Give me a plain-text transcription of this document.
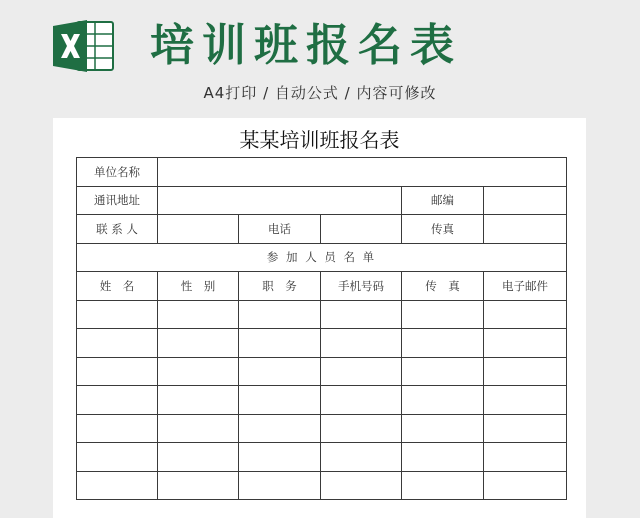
培训班报名表
A4打印 / 自动公式 / 内容可修改
某某培训班报名表
单位名称					
通讯地址				邮编	
联 系 人		电话		传真	
参 加 人 员 名 单					
姓　名	性　别	职　务	手机号码	传　真	电子邮件
